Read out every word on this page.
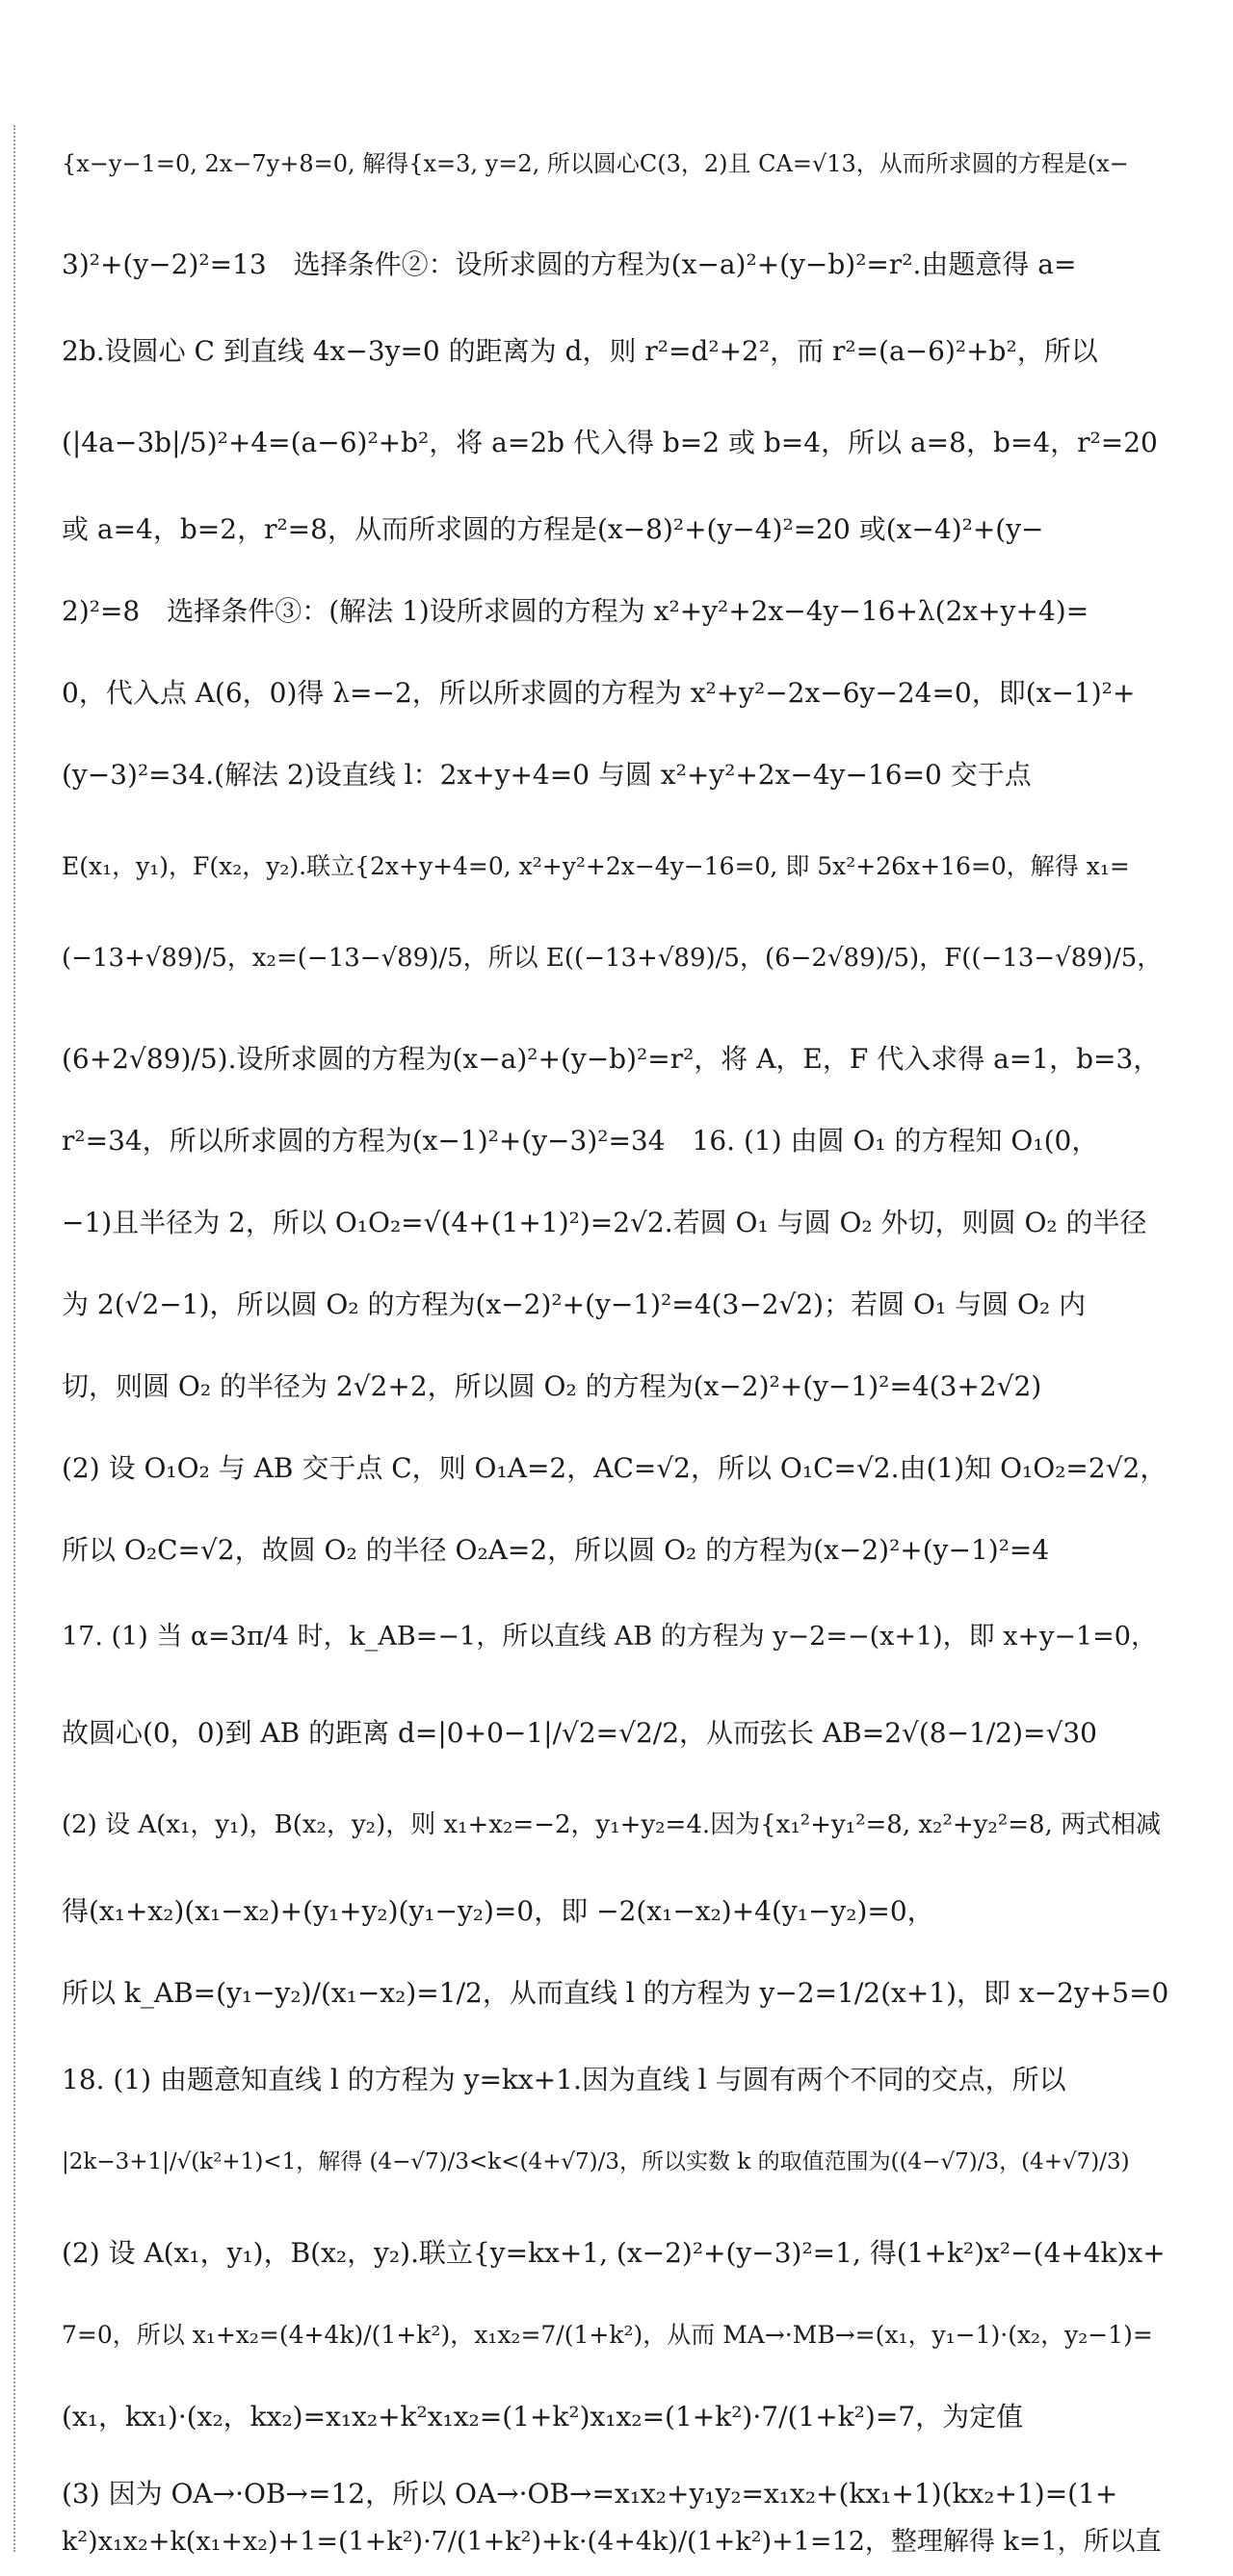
{x−y−1=0, 2x−7y+8=0, 解得{x=3, y=2, 所以圆心C(3，2)且 CA=√13，从而所求圆的方程是(x−
3)²+(y−2)²=13　选择条件②：设所求圆的方程为(x−a)²+(y−b)²=r².由题意得 a=
2b.设圆心 C 到直线 4x−3y=0 的距离为 d，则 r²=d²+2²，而 r²=(a−6)²+b²，所以
(|4a−3b|/5)²+4=(a−6)²+b²，将 a=2b 代入得 b=2 或 b=4，所以 a=8，b=4，r²=20
或 a=4，b=2，r²=8，从而所求圆的方程是(x−8)²+(y−4)²=20 或(x−4)²+(y−
2)²=8　选择条件③：(解法 1)设所求圆的方程为 x²+y²+2x−4y−16+λ(2x+y+4)=
0，代入点 A(6，0)得 λ=−2，所以所求圆的方程为 x²+y²−2x−6y−24=0，即(x−1)²+
(y−3)²=34.(解法 2)设直线 l：2x+y+4=0 与圆 x²+y²+2x−4y−16=0 交于点
E(x₁，y₁)，F(x₂，y₂).联立{2x+y+4=0, x²+y²+2x−4y−16=0, 即 5x²+26x+16=0，解得 x₁=
(−13+√89)/5，x₂=(−13−√89)/5，所以 E((−13+√89)/5，(6−2√89)/5)，F((−13−√89)/5，
(6+2√89)/5).设所求圆的方程为(x−a)²+(y−b)²=r²，将 A，E，F 代入求得 a=1，b=3，
r²=34，所以所求圆的方程为(x−1)²+(y−3)²=34　16. (1) 由圆 O₁ 的方程知 O₁(0，
−1)且半径为 2，所以 O₁O₂=√(4+(1+1)²)=2√2.若圆 O₁ 与圆 O₂ 外切，则圆 O₂ 的半径
为 2(√2−1)，所以圆 O₂ 的方程为(x−2)²+(y−1)²=4(3−2√2)；若圆 O₁ 与圆 O₂ 内
切，则圆 O₂ 的半径为 2√2+2，所以圆 O₂ 的方程为(x−2)²+(y−1)²=4(3+2√2)
(2) 设 O₁O₂ 与 AB 交于点 C，则 O₁A=2，AC=√2，所以 O₁C=√2.由(1)知 O₁O₂=2√2，
所以 O₂C=√2，故圆 O₂ 的半径 O₂A=2，所以圆 O₂ 的方程为(x−2)²+(y−1)²=4
17. (1) 当 α=3π/4 时，k_AB=−1，所以直线 AB 的方程为 y−2=−(x+1)，即 x+y−1=0，
故圆心(0，0)到 AB 的距离 d=|0+0−1|/√2=√2/2，从而弦长 AB=2√(8−1/2)=√30
(2) 设 A(x₁，y₁)，B(x₂，y₂)，则 x₁+x₂=−2，y₁+y₂=4.因为{x₁²+y₁²=8, x₂²+y₂²=8, 两式相减
得(x₁+x₂)(x₁−x₂)+(y₁+y₂)(y₁−y₂)=0，即 −2(x₁−x₂)+4(y₁−y₂)=0，
所以 k_AB=(y₁−y₂)/(x₁−x₂)=1/2，从而直线 l 的方程为 y−2=1/2(x+1)，即 x−2y+5=0
18. (1) 由题意知直线 l 的方程为 y=kx+1.因为直线 l 与圆有两个不同的交点，所以
|2k−3+1|/√(k²+1)<1，解得 (4−√7)/3<k<(4+√7)/3，所以实数 k 的取值范围为((4−√7)/3，(4+√7)/3)
(2) 设 A(x₁，y₁)，B(x₂，y₂).联立{y=kx+1, (x−2)²+(y−3)²=1, 得(1+k²)x²−(4+4k)x+
7=0，所以 x₁+x₂=(4+4k)/(1+k²)，x₁x₂=7/(1+k²)，从而 MA→·MB→=(x₁，y₁−1)·(x₂，y₂−1)=
(x₁，kx₁)·(x₂，kx₂)=x₁x₂+k²x₁x₂=(1+k²)x₁x₂=(1+k²)·7/(1+k²)=7，为定值
(3) 因为 OA→·OB→=12，所以 OA→·OB→=x₁x₂+y₁y₂=x₁x₂+(kx₁+1)(kx₂+1)=(1+
k²)x₁x₂+k(x₁+x₂)+1=(1+k²)·7/(1+k²)+k·(4+4k)/(1+k²)+1=12，整理解得 k=1，所以直
